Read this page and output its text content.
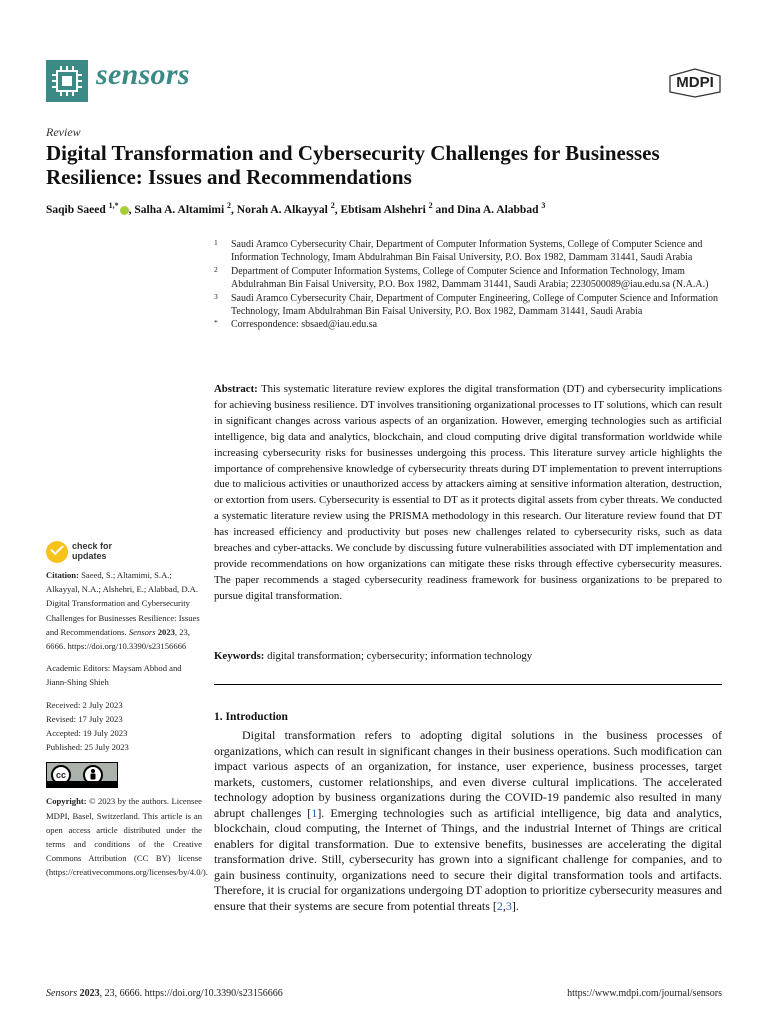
sensors	MDPI
Review
Digital Transformation and Cybersecurity Challenges for Businesses Resilience: Issues and Recommendations
Saqib Saeed $^{1,*}$ , Salha A. Altamimi $^2$, Norah A. Alkayyal $^2$, Ebtisam Alshehri $^2$ and Dina A. Alabbad $^3$
1 Saudi Aramco Cybersecurity Chair, Department of Computer Information Systems, College of Computer Science and Information Technology, Imam Abdulrahman Bin Faisal University, P.O. Box 1982, Dammam 31441, Saudi Arabia
2 Department of Computer Information Systems, College of Computer Science and Information Technology, Imam Abdulrahman Bin Faisal University, P.O. Box 1982, Dammam 31441, Saudi Arabia; 2230500089@iau.edu.sa (N.A.A.)
3 Saudi Aramco Cybersecurity Chair, Department of Computer Engineering, College of Computer Science and Information Technology, Imam Abdulrahman Bin Faisal University, P.O. Box 1982, Dammam 31441, Saudi Arabia
* Correspondence: sbsaed@iau.edu.sa
check for
updates
Citation: Saeed, S.; Altamimi, S.A.; Alkayyal, N.A.; Alshehri, E.; Alabbad, D.A. Digital Transformation and Cybersecurity Challenges for Businesses Resilience: Issues and Recommendations. Sensors 2023, 23, 6666. https://doi.org/10.3390/s23156666
Academic Editors: Maysam Abbod and Jiann-Shing Shieh
Received: 2 July 2023
Revised: 17 July 2023
Accepted: 19 July 2023
Published: 25 July 2023
cc
Copyright: © 2023 by the authors. Licensee MDPI, Basel, Switzerland. This article is an open access article distributed under the terms and conditions of the Creative Commons Attribution (CC BY) license (https://creativecommons.org/licenses/by/4.0/).
Abstract: This systematic literature review explores the digital transformation (DT) and cybersecurity implications for achieving business resilience. DT involves transitioning organizational processes to IT solutions, which can result in significant changes across various aspects of an organization. However, emerging technologies such as artificial intelligence, big data and analytics, blockchain, and cloud computing drive digital transformation worldwide while increasing cybersecurity risks for businesses undergoing this process. This literature survey article highlights the importance of comprehensive knowledge of cybersecurity threats during DT implementation to prevent interruptions due to malicious activities or unauthorized access by attackers aiming at sensitive information alteration, destruction, or extortion from users. Cybersecurity is essential to DT as it protects digital assets from cyber threats. We conducted a systematic literature review using the PRISMA methodology in this research. Our literature review found that DT has increased efficiency and productivity but poses new challenges related to cybersecurity risks, such as data breaches and cyber-attacks. We conclude by discussing future vulnerabilities associated with DT implementation and provide recommendations on how organizations can mitigate these risks through effective cybersecurity measures. The paper recommends a staged cybersecurity readiness framework for business organizations to be prepared to pursue digital transformation.
Keywords: digital transformation; cybersecurity; information technology
1. Introduction
Digital transformation refers to adopting digital solutions in the business processes of organizations, which can result in significant changes in their business operations. Such modification can impact various aspects of an organization, for instance, user experience, business processes, target markets, customers, customer relationships, and even diverse cultural implications. The accelerated technology adoption by business organizations during the COVID-19 pandemic also resulted in many abrupt challenges [1]. Emerging technologies such as artificial intelligence, big data and analytics, blockchain, cloud computing, the Internet of Things, and the industrial Internet of Things are critical enablers for digital transformation. Due to extensive benefits, businesses are accelerating the digital transformation drive. Still, cybersecurity has grown into a significant challenge for companies, and to gain business continuity, organizations need to secure their digital transformation tools and artifacts. Therefore, it is crucial for organizations undergoing DT adoption to prioritize cybersecurity measures and ensure that their systems are secure from potential threats [2,3].
Sensors 2023, 23, 6666. https://doi.org/10.3390/s23156666	https://www.mdpi.com/journal/sensors
